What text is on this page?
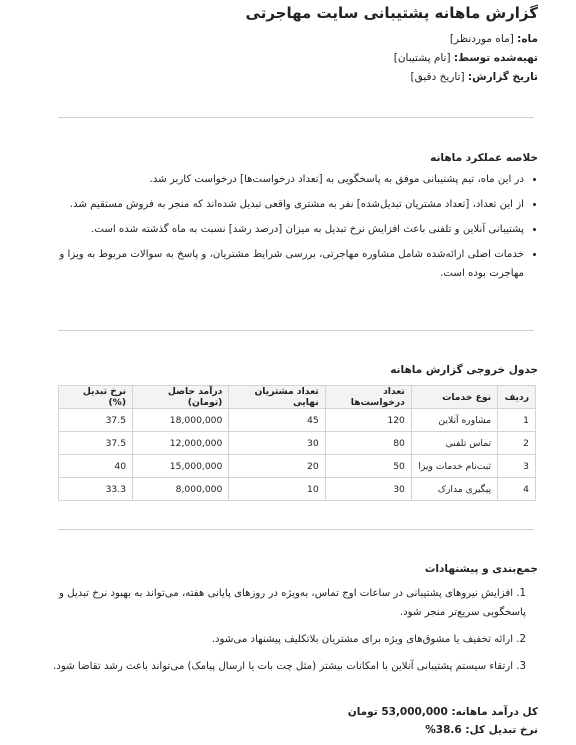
گزارش ماهانه پشتیبانی سایت مهاجرتی
ماه: [ماه موردنظر]
تهیه‌شده توسط: [نام پشتیبان]
تاریخ گزارش: [تاریخ دقیق]
خلاصه عملکرد ماهانه
• در این ماه، تیم پشتیبانی موفق به پاسخگویی به [تعداد درخواست‌ها] درخواست کاربر شد.
• از این تعداد، [تعداد مشتریان تبدیل‌شده] نفر به مشتری واقعی تبدیل شده‌اند که منجر به فروش مستقیم شد.
• پشتیبانی آنلاین و تلفنی باعث افزایش نرخ تبدیل به میزان [درصد رشد] نسبت به ماه گذشته شده است.
• خدمات اصلی ارائه‌شده شامل مشاوره مهاجرتی، بررسی شرایط مشتریان، و پاسخ به سوالات مربوط به ویزا و مهاجرت بوده است.
جدول خروجی گزارش ماهانه
ردیف	نوع خدمات	تعداد درخواست‌ها	تعداد مشتریان نهایی	درآمد حاصل (تومان)	نرخ تبدیل (%)
1	مشاوره آنلاین	120	45	18,000,000	37.5
2	تماس تلفنی	80	30	12,000,000	37.5
3	ثبت‌نام خدمات ویزا	50	20	15,000,000	40
4	پیگیری مدارک	30	10	8,000,000	33.3
جمع‌بندی و پیشنهادات
1. افزایش نیروهای پشتیبانی در ساعات اوج تماس، به‌ویژه در روزهای پایانی هفته، می‌تواند به بهبود نرخ تبدیل و پاسخگویی سریع‌تر منجر شود.
2. ارائه تخفیف یا مشوق‌های ویژه برای مشتریان بلاتکلیف پیشنهاد می‌شود.
3. ارتقاء سیستم پشتیبانی آنلاین با امکانات بیشتر (مثل چت بات یا ارسال پیامک) می‌تواند باعث رشد تقاضا شود.
کل درآمد ماهانه: 53,000,000 تومان
نرخ تبدیل کل: 38.6%
